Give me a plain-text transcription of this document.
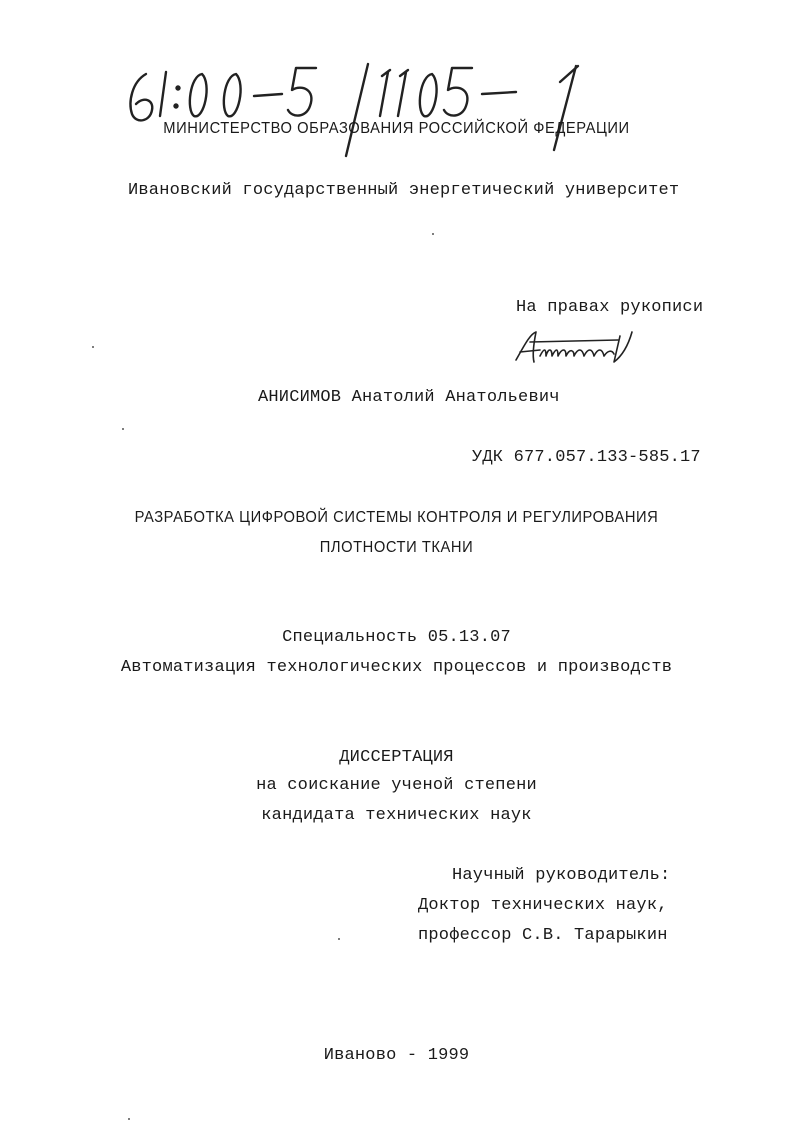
МИНИСТЕРСТВО ОБРАЗОВАНИЯ РОССИЙСКОЙ ФЕДЕРАЦИИ
Ивановский государственный энергетический университет
На правах рукописи
АНИСИМОВ Анатолий Анатольевич
УДК 677.057.133-585.17
РАЗРАБОТКА ЦИФРОВОЙ СИСТЕМЫ КОНТРОЛЯ И РЕГУЛИРОВАНИЯ
ПЛОТНОСТИ ТКАНИ
Специальность 05.13.07
Автоматизация технологических процессов и производств
ДИССЕРТАЦИЯ
на соискание ученой степени
кандидата технических наук
Научный руководитель:
Доктор технических наук,
профессор С.В. Тарарыкин
Иваново - 1999
